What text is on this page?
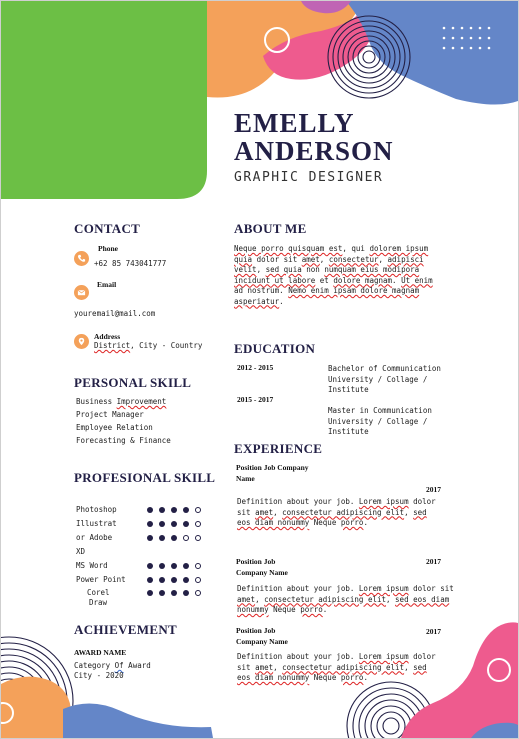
EMELLY
ANDERSON
GRAPHIC DESIGNER
CONTACT
Phone
+62 85 743041777
Email
youremail@mail.com
Address
District, City - Country
PERSONAL SKILL
Business Improvement
Project Manager
Employee Relation
Forecasting & Finance
PROFESIONAL SKILL
Photoshop
Illustrat
or Adobe
XD
MS Word
Power Point
Corel
Draw
ACHIEVEMENT
AWARD NAME
Category Of Award
City - 2020
ABOUT ME
Neque porro quisquam est, qui dolorem ipsum
quia dolor sit amet, consectetur, adipisci
velit, sed quia non numquam eius modipora
incidunt ut labore et dolore magnam. Ut enim
ad nostrum. Nemo enim ipsam dolore magnam
asperiatur.
EDUCATION
2012 - 2015	Bachelor of Communication
University / Collage /
Institute
2015 - 2017
Master in Communication
University / Collage /
Institute
EXPERIENCE
Position Job Company
Name
2017
Definition about your job. Lorem ipsum dolor
sit amet, consectetur adipiscing elit, sed
eos diam nonummy Neque porro.
Position Job
Company Name
2017
Definition about your job. Lorem ipsum dolor sit
amet, consectetur adipiscing elit, sed eos diam
nonummy Neque porro.
Position Job
Company Name
2017
Definition about your job. Lorem ipsum dolor
sit amet, consectetur adipiscing elit, sed
eos diam nonummy Neque porro.
